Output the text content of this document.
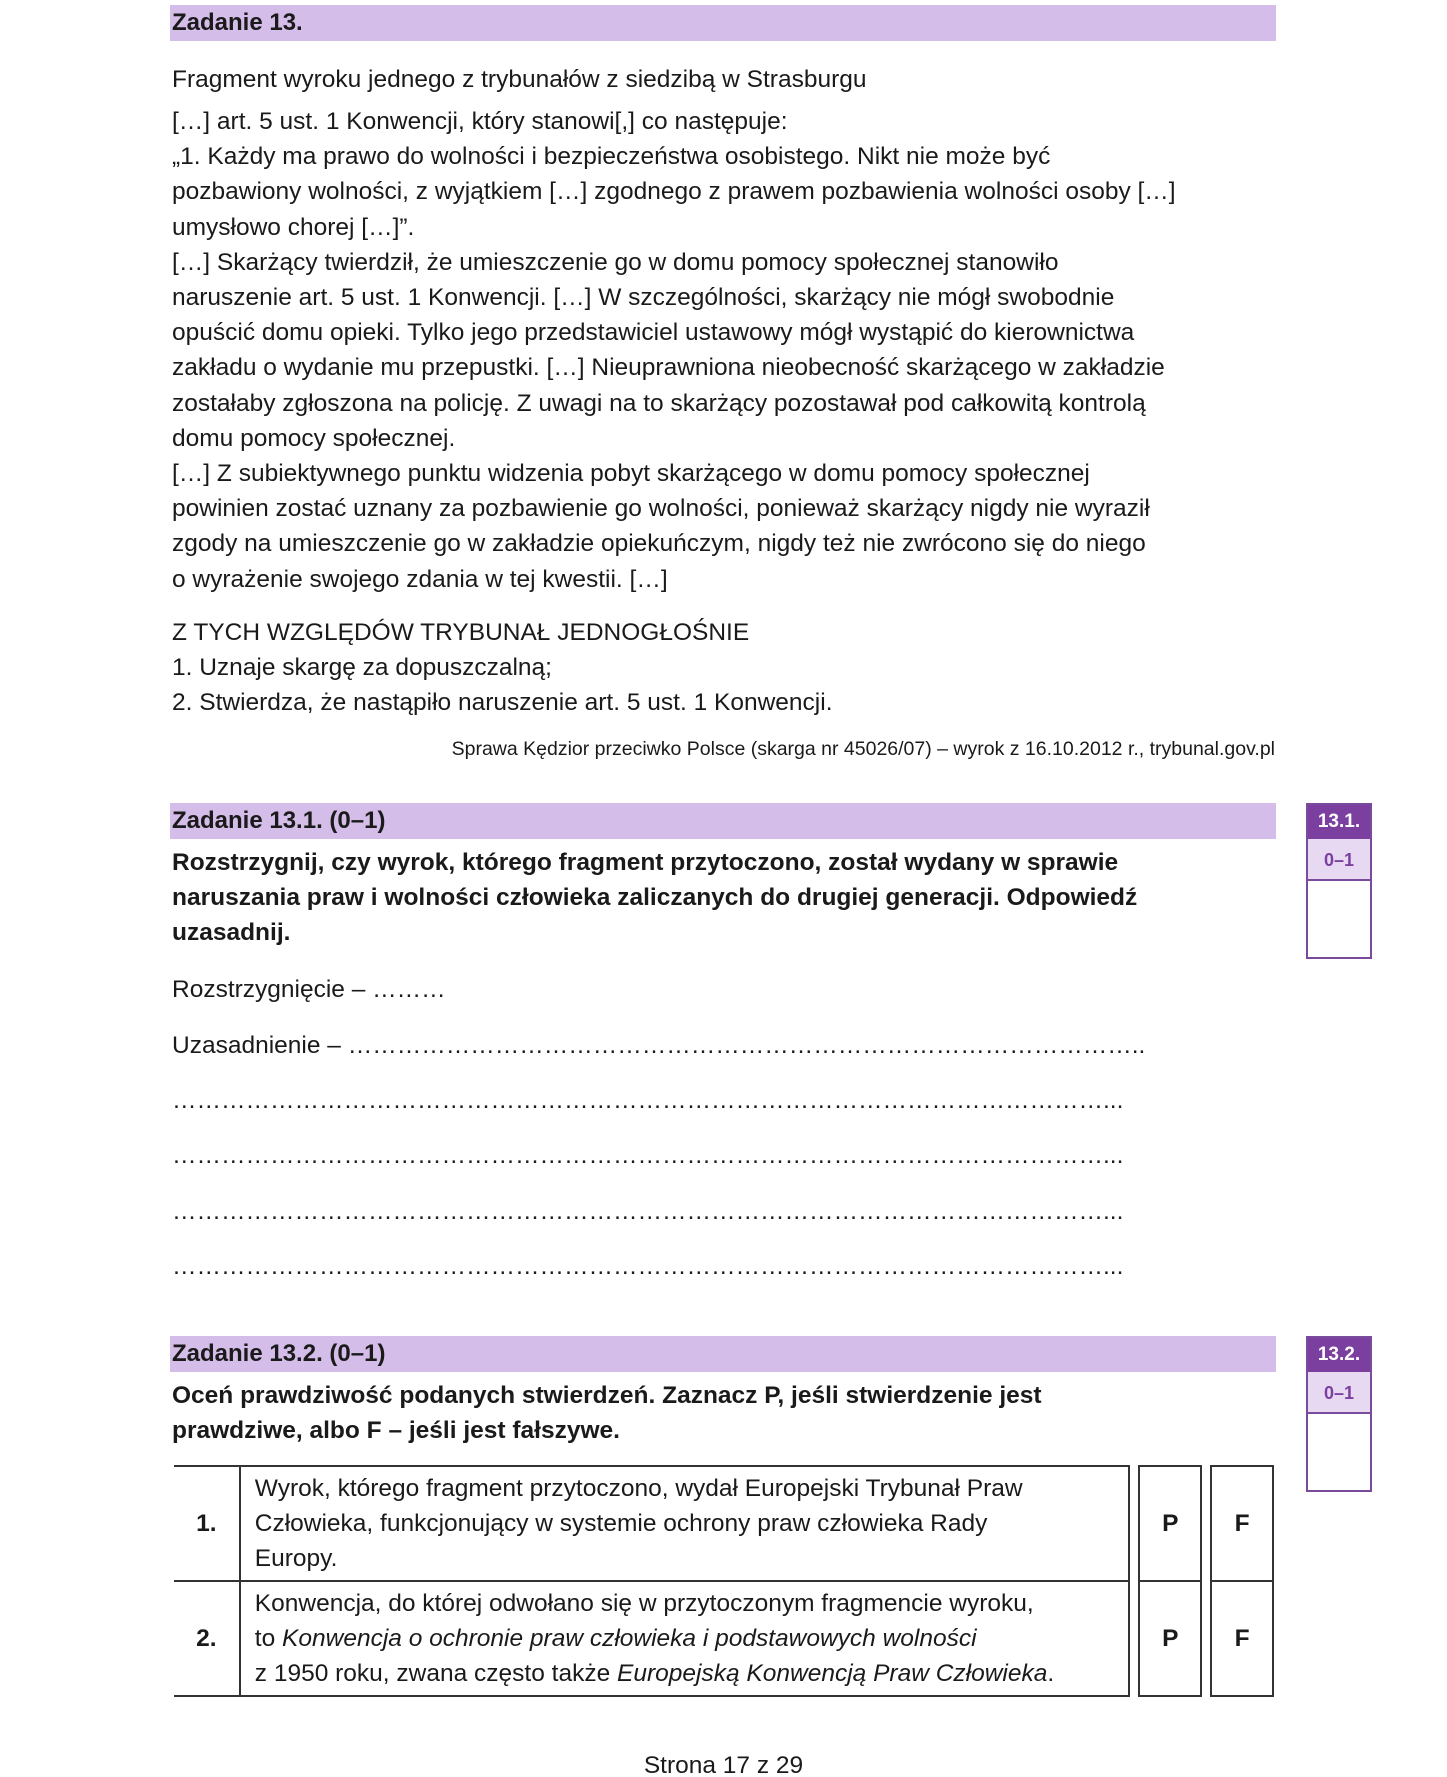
Zadanie 13.
Fragment wyroku jednego z trybunałów z siedzibą w Strasburgu
[…] art. 5 ust. 1 Konwencji, który stanowi[,] co następuje:
„1. Każdy ma prawo do wolności i bezpieczeństwa osobistego. Nikt nie może być
pozbawiony wolności, z wyjątkiem […] zgodnego z prawem pozbawienia wolności osoby […]
umysłowo chorej […]”.
[…] Skarżący twierdził, że umieszczenie go w domu pomocy społecznej stanowiło
naruszenie art. 5 ust. 1 Konwencji. […] W szczególności, skarżący nie mógł swobodnie
opuścić domu opieki. Tylko jego przedstawiciel ustawowy mógł wystąpić do kierownictwa
zakładu o wydanie mu przepustki. […] Nieuprawniona nieobecność skarżącego w zakładzie
zostałaby zgłoszona na policję. Z uwagi na to skarżący pozostawał pod całkowitą kontrolą
domu pomocy społecznej.
[…] Z subiektywnego punktu widzenia pobyt skarżącego w domu pomocy społecznej
powinien zostać uznany za pozbawienie go wolności, ponieważ skarżący nigdy nie wyraził
zgody na umieszczenie go w zakładzie opiekuńczym, nigdy też nie zwrócono się do niego
o wyrażenie swojego zdania w tej kwestii. […]
Z TYCH WZGLĘDÓW TRYBUNAŁ JEDNOGŁOŚNIE
1. Uznaje skargę za dopuszczalną;
2. Stwierdza, że nastąpiło naruszenie art. 5 ust. 1 Konwencji.
Sprawa Kędzior przeciwko Polsce (skarga nr 45026/07) – wyrok z 16.10.2012 r., trybunal.gov.pl
Zadanie 13.1. (0–1)	13.1.
0–1
Rozstrzygnij, czy wyrok, którego fragment przytoczono, został wydany w sprawie
naruszania praw i wolności człowieka zaliczanych do drugiej generacji. Odpowiedź
uzasadnij.
Rozstrzygnięcie – ………
Uzasadnienie – ……………………………………………………………………………………..
……………………………………………………………………………………………………...
……………………………………………………………………………………………………...
……………………………………………………………………………………………………...
……………………………………………………………………………………………………...
Zadanie 13.2. (0–1)	13.2.
0–1
Oceń prawdziwość podanych stwierdzeń. Zaznacz P, jeśli stwierdzenie jest
prawdziwe, albo F – jeśli jest fałszywe.
1.	Wyrok, którego fragment przytoczono, wydał Europejski Trybunał Praw
Człowieka, funkcjonujący w systemie ochrony praw człowieka Rady
Europy.		P		F
2.	Konwencja, do której odwołano się w przytoczonym fragmencie wyroku,
to Konwencja o ochronie praw człowieka i podstawowych wolności
z 1950 roku, zwana często także Europejską Konwencją Praw Człowieka.		P		F
Strona 17 z 29
